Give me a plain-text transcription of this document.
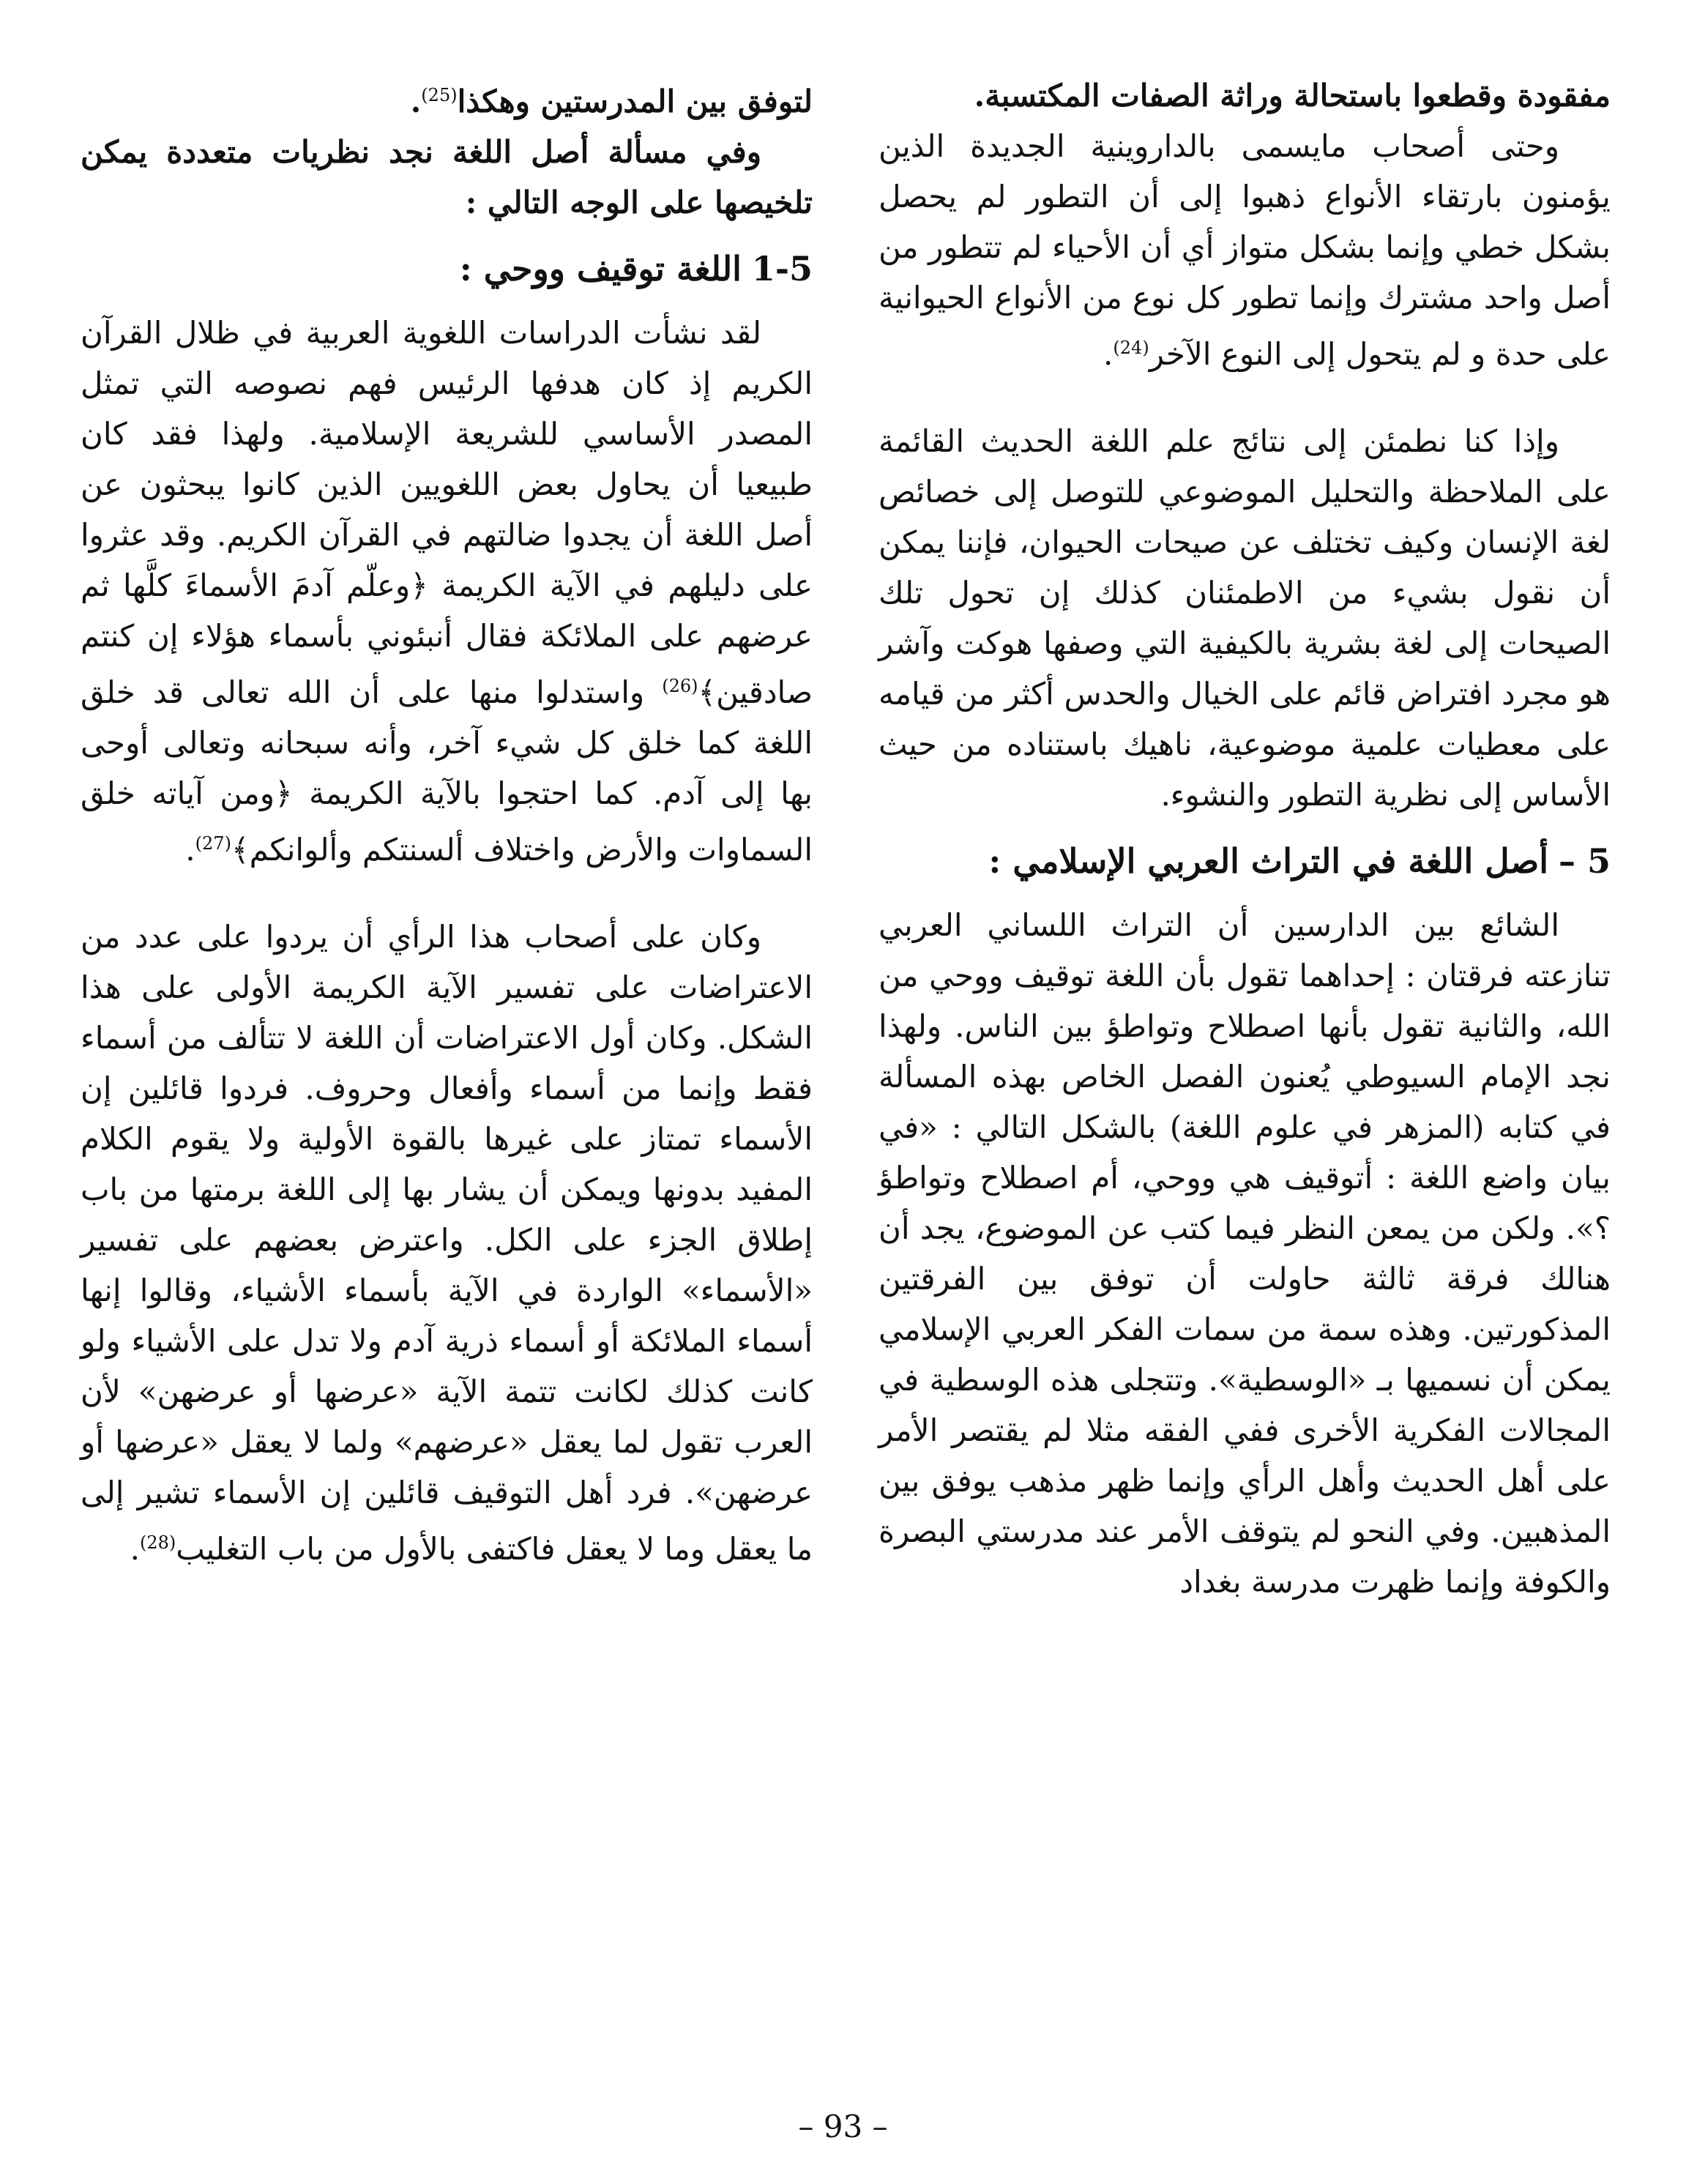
مفقودة وقطعوا باستحالة وراثة الصفات المكتسبة.

وحتى أصحاب مايسمى بالداروينية الجديدة الذين يؤمنون بارتقاء الأنواع ذهبوا إلى أن التطور لم يحصل بشكل خطي وإنما بشكل متواز أي أن الأحياء لم تتطور من أصل واحد مشترك وإنما تطور كل نوع من الأنواع الحيوانية على حدة و لم يتحول إلى النوع الآخر$^{(24)}$.

وإذا كنا نطمئن إلى نتائج علم اللغة الحديث القائمة على الملاحظة والتحليل الموضوعي للتوصل إلى خصائص لغة الإنسان وكيف تختلف عن صيحات الحيوان، فإننا يمكن أن نقول بشيء من الاطمئنان كذلك إن تحول تلك الصيحات إلى لغة بشرية بالكيفية التي وصفها هوكت وآشر هو مجرد افتراض قائم على الخيال والحدس أكثر من قيامه على معطيات علمية موضوعية، ناهيك باستناده من حيث الأساس إلى نظرية التطور والنشوء.

5 –أصل اللغة في التراث العربي الإسلامي :

الشائع بين الدارسين أن التراث اللساني العربي تنازعته فرقتان : إحداهما تقول بأن اللغة توقيف ووحي من الله، والثانية تقول بأنها اصطلاح وتواطؤ بين الناس. ولهذا نجد الإمام السيوطي يُعنون الفصل الخاص بهذه المسألة في كتابه (المزهر في علوم اللغة) بالشكل التالي : «في بيان واضع اللغة : أتوقيف هي ووحي، أم اصطلاح وتواطؤ ؟». ولكن من يمعن النظر فيما كتب عن الموضوع، يجد أن هنالك فرقة ثالثة حاولت أن توفق بين الفرقتين المذكورتين. وهذه سمة من سمات الفكر العربي الإسلامي يمكن أن نسميها بـ «الوسطية». وتتجلى هذه الوسطية في المجالات الفكرية الأخرى ففي الفقه مثلا لم يقتصر الأمر على أهل الحديث وأهل الرأي وإنما ظهر مذهب يوفق بين المذهبين. وفي النحو لم يتوقف الأمر عند مدرستي البصرة والكوفة وإنما ظهرت مدرسة بغداد

لتوفق بين المدرستين وهكذا$^{(25)}$.

وفي مسألة أصل اللغة نجد نظريات متعددة يمكن تلخيصها على الوجه التالي :

1-5اللغة توقيف ووحي :

لقد نشأت الدراسات اللغوية العربية في ظلال القرآن الكريم إذ كان هدفها الرئيس فهم نصوصه التي تمثل المصدر الأساسي للشريعة الإسلامية. ولهذا فقد كان طبيعيا أن يحاول بعض اللغويين الذين كانوا يبحثون عن أصل اللغة أن يجدوا ضالتهم في القرآن الكريم. وقد عثروا على دليلهم في الآية الكريمة ﴿وعلّم آدمَ الأسماءَ كلَّها ثم عرضهم على الملائكة فقال أنبئوني بأسماء هؤلاء إن كنتم صادقين﴾$^{(26)}$ واستدلوا منها على أن الله تعالى قد خلق اللغة كما خلق كل شيء آخر، وأنه سبحانه وتعالى أوحى بها إلى آدم. كما احتجوا بالآية الكريمة ﴿ومن آياته خلق السماوات والأرض واختلاف ألسنتكم وألوانكم﴾$^{(27)}$.

وكان على أصحاب هذا الرأي أن يردوا على عدد من الاعتراضات على تفسير الآية الكريمة الأولى على هذا الشكل. وكان أول الاعتراضات أن اللغة لا تتألف من أسماء فقط وإنما من أسماء وأفعال وحروف. فردوا قائلين إن الأسماء تمتاز على غيرها بالقوة الأولية ولا يقوم الكلام المفيد بدونها ويمكن أن يشار بها إلى اللغة برمتها من باب إطلاق الجزء على الكل. واعترض بعضهم على تفسير «الأسماء» الواردة في الآية بأسماء الأشياء، وقالوا إنها أسماء الملائكة أو أسماء ذرية آدم ولا تدل على الأشياء ولو كانت كذلك لكانت تتمة الآية «عرضها أو عرضهن» لأن العرب تقول لما يعقل «عرضهم» ولما لا يعقل «عرضها أو عرضهن». فرد أهل التوقيف قائلين إن الأسماء تشير إلى ما يعقل وما لا يعقل فاكتفى بالأول من باب التغليب$^{(28)}$.

– 93 –
